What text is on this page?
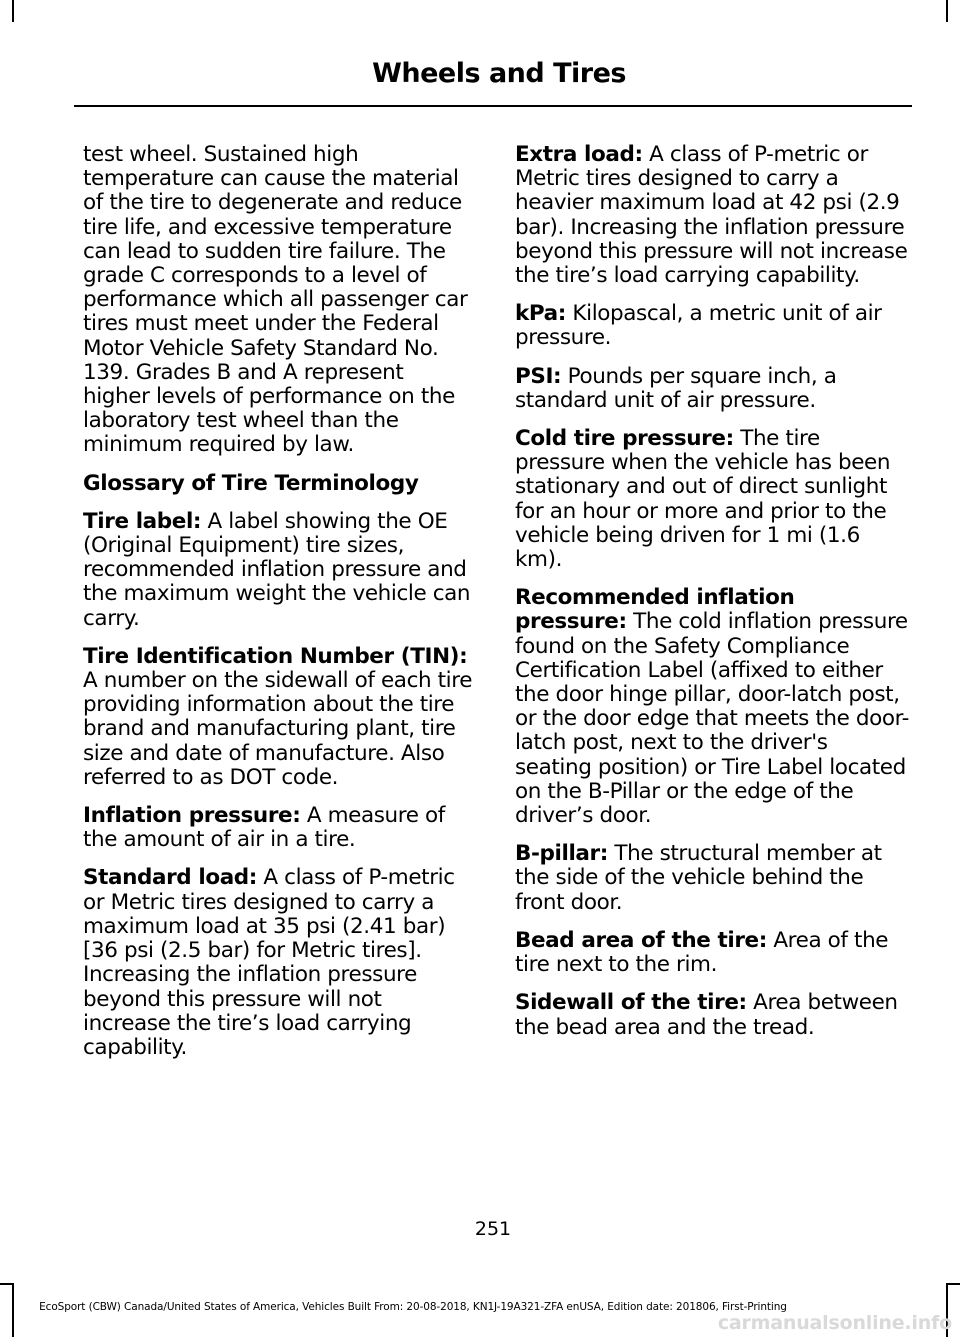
Wheels and Tires

test wheel. Sustained high temperature can cause the material of the tire to degenerate and reduce tire life, and excessive temperature can lead to sudden tire failure. The grade C corresponds to a level of performance which all passenger car tires must meet under the Federal Motor Vehicle Safety Standard No. 139. Grades B and A represent higher levels of performance on the laboratory test wheel than the minimum required by law.

Glossary of Tire Terminology

Tire label: A label showing the OE (Original Equipment) tire sizes, recommended inflation pressure and the maximum weight the vehicle can carry.

Tire Identification Number (TIN): A number on the sidewall of each tire providing information about the tire brand and manufacturing plant, tire size and date of manufacture. Also referred to as DOT code.

Inflation pressure: A measure of the amount of air in a tire.

Standard load: A class of P-metric or Metric tires designed to carry a maximum load at 35 psi (2.41 bar)[36 psi (2.5 bar) for Metric tires]. Increasing the inflation pressure beyond this pressure will not increase the tire’s load carrying capability.

Extra load: A class of P-metric or Metric tires designed to carry a heavier maximum load at 42 psi (2.9 bar). Increasing the inflation pressure beyond this pressure will not increase the tire’s load carrying capability.

kPa: Kilopascal, a metric unit of air pressure.

PSI: Pounds per square inch, a standard unit of air pressure.

Cold tire pressure: The tire pressure when the vehicle has been stationary and out of direct sunlight for an hour or more and prior to the vehicle being driven for 1 mi (1.6 km).

Recommended inflation pressure: The cold inflation pressure found on the Safety Compliance Certification Label (affixed to either the door hinge pillar, door-latch post, or the door edge that meets the door-latch post, next to the driver's seating position) or Tire Label located on the B-Pillar or the edge of the driver’s door.

B-pillar: The structural member at the side of the vehicle behind the front door.

Bead area of the tire: Area of the tire next to the rim.

Sidewall of the tire: Area between the bead area and the tread.

251
EcoSport (CBW) Canada/United States of America, Vehicles Built From: 20-08-2018, KN1J-19A321-ZFA enUSA, Edition date: 201806, First-Printing
carmanualsonline.info
